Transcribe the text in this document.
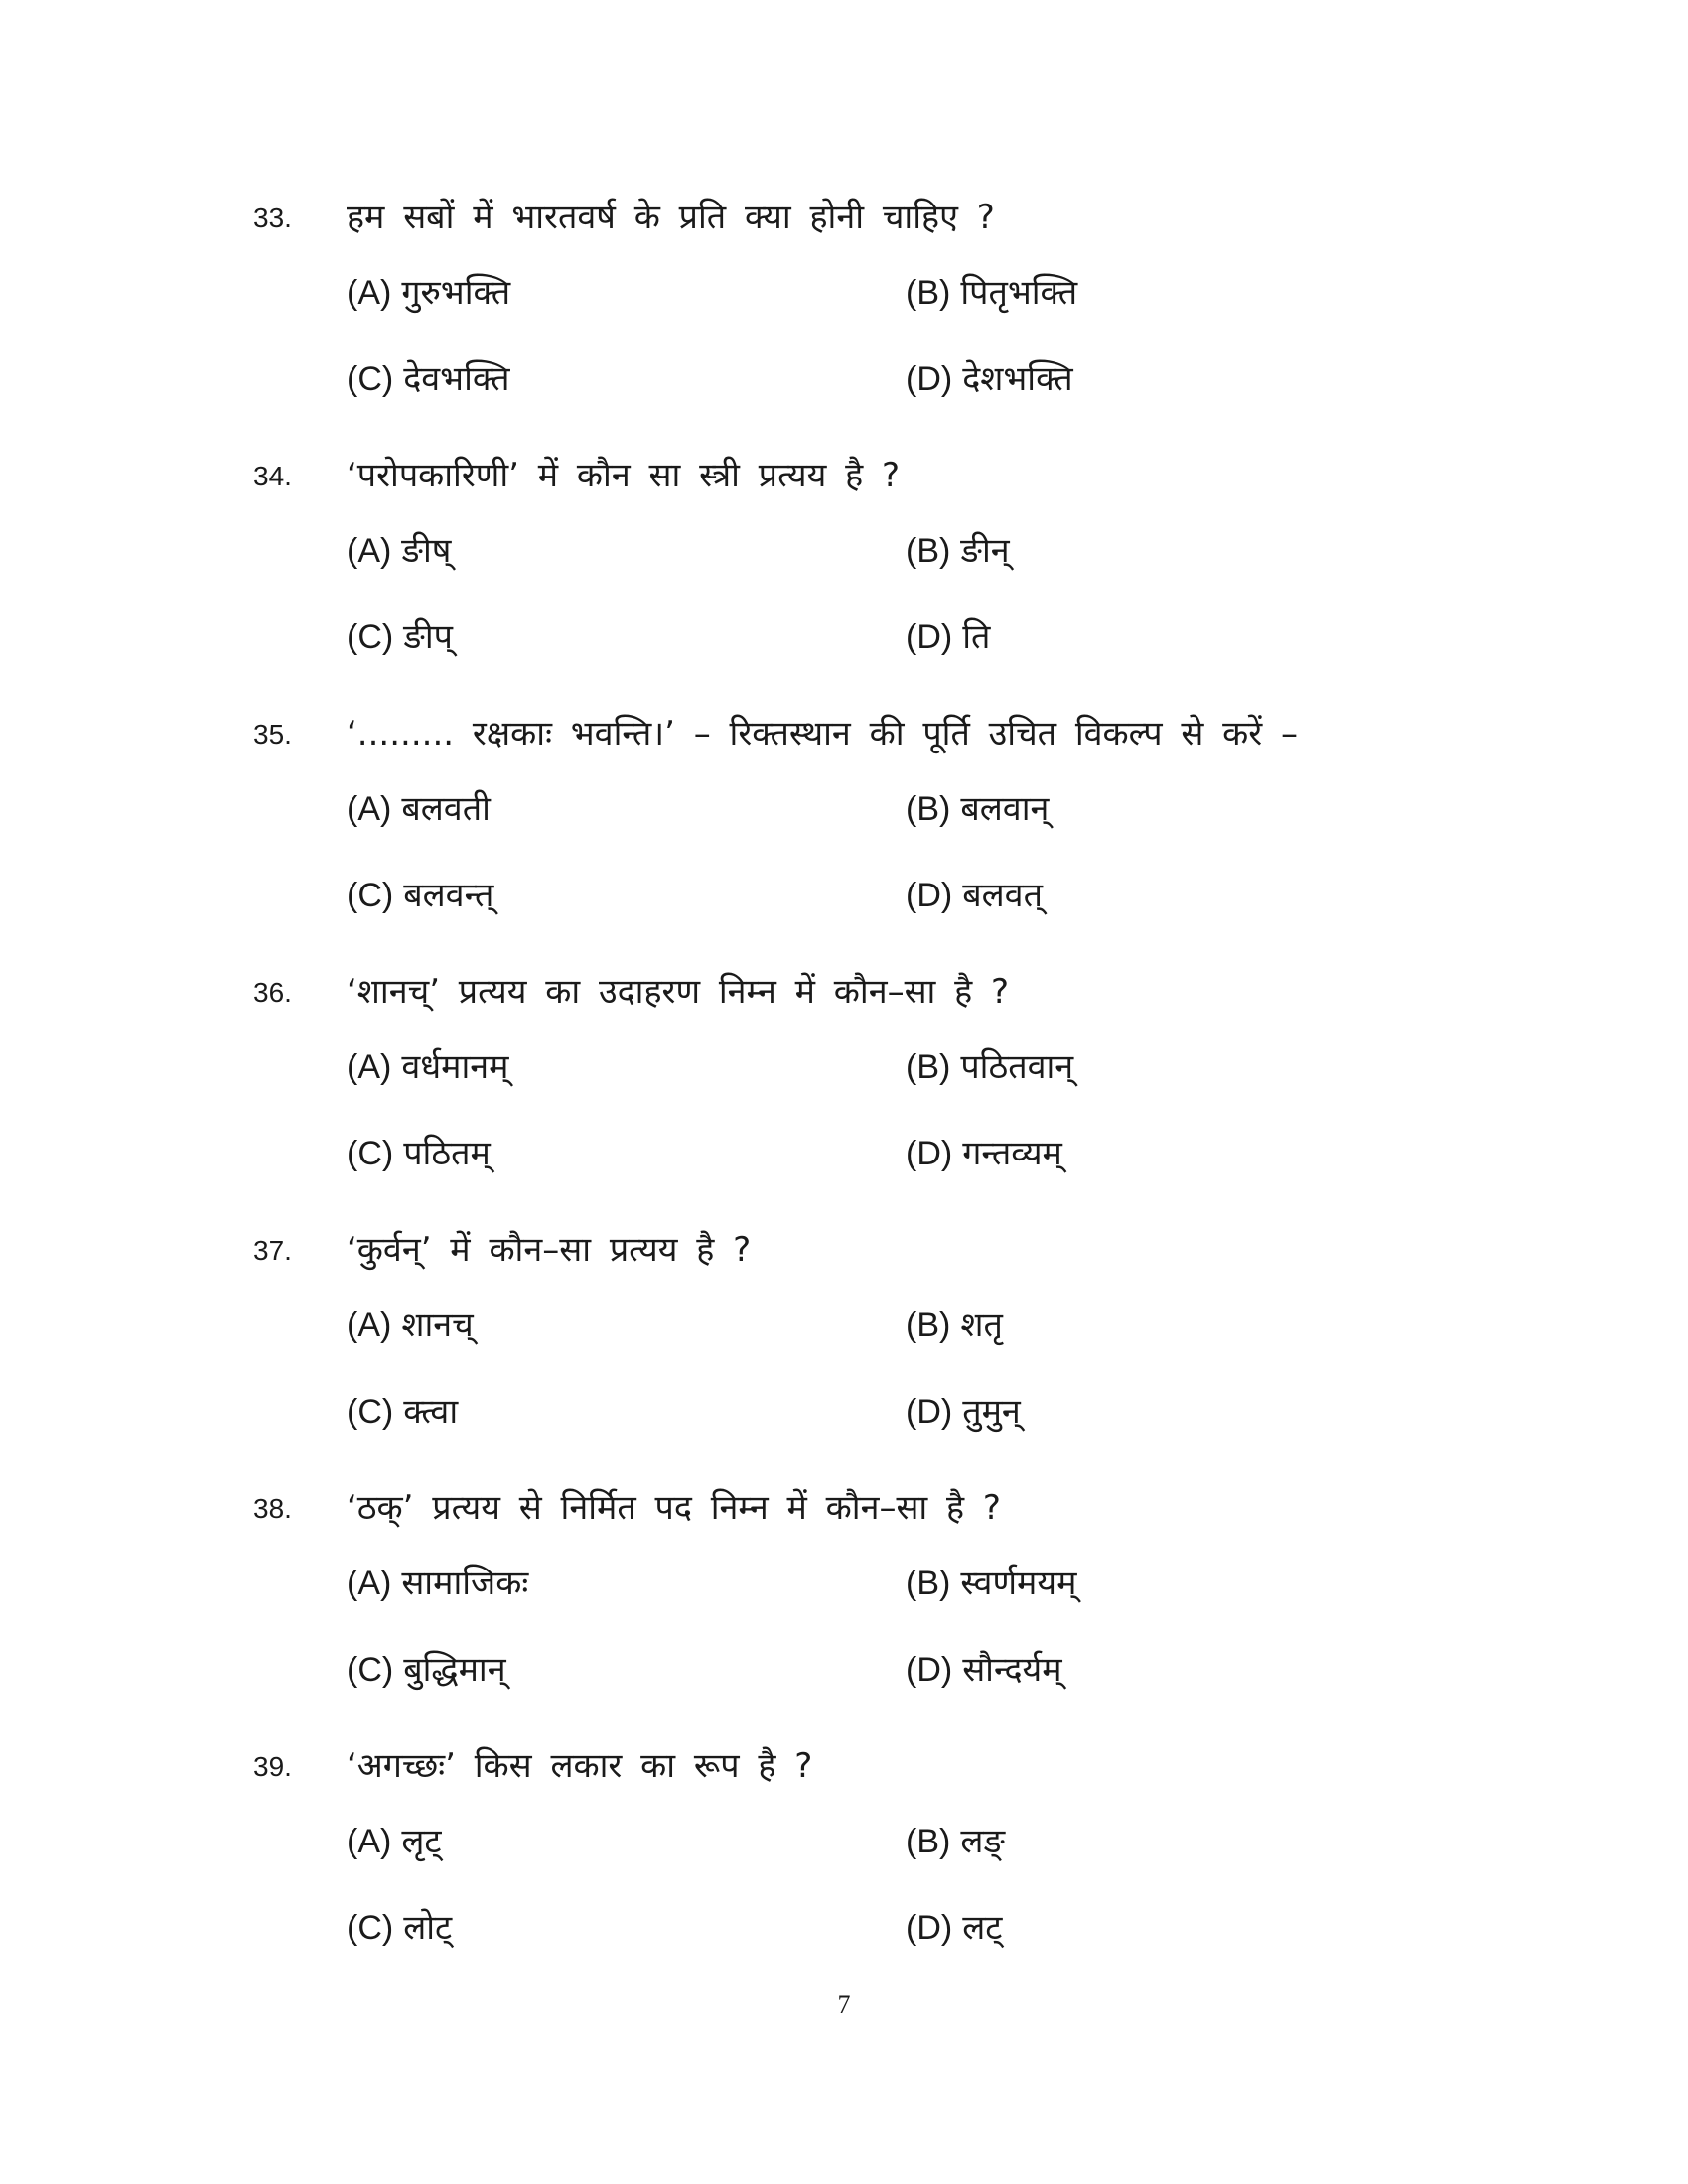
33. हम सबों में भारतवर्ष के प्रति क्या होनी चाहिए ?
(A) गुरुभक्ति	(B) पितृभक्ति
(C) देवभक्ति	(D) देशभक्ति
34. ‘परोपकारिणी’ में कौन सा स्त्री प्रत्यय है ?
(A) ङीष्	(B) ङीन्
(C) ङीप्	(D) ति
35. ‘......... रक्षकाः भवन्ति।’ – रिक्तस्थान की पूर्ति उचित विकल्प से करें –
(A) बलवती	(B) बलवान्
(C) बलवन्त्	(D) बलवत्
36. ‘शानच्’ प्रत्यय का उदाहरण निम्न में कौन–सा है ?
(A) वर्धमानम्	(B) पठितवान्
(C) पठितम्	(D) गन्तव्यम्
37. ‘कुर्वन्’ में कौन–सा प्रत्यय है ?
(A) शानच्	(B) शतृ
(C) क्त्वा	(D) तुमुन्
38. ‘ठक्’ प्रत्यय से निर्मित पद निम्न में कौन–सा है ?
(A) सामाजिकः	(B) स्वर्णमयम्
(C) बुद्धिमान्	(D) सौन्दर्यम्
39. ‘अगच्छः’ किस लकार का रूप है ?
(A) लृट्	(B) लङ्
(C) लोट्	(D) लट्
7
